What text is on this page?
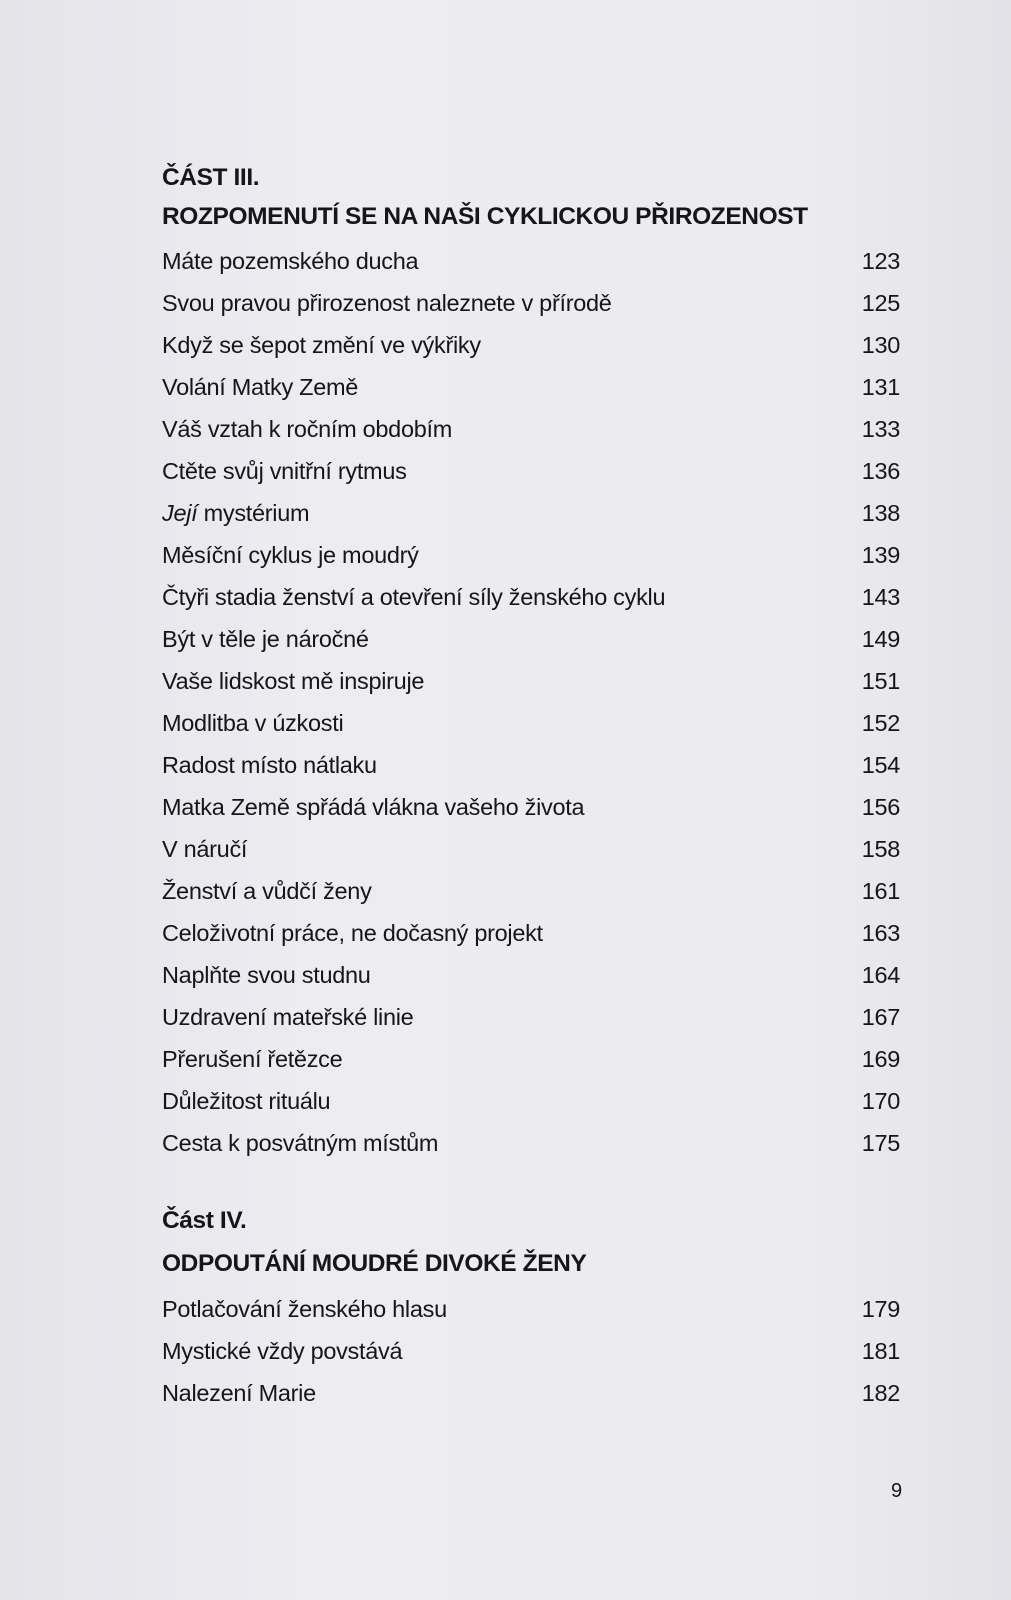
ČÁST III.
ROZPOMENUTÍ SE NA NAŠI CYKLICKOU PŘIROZENOST
Máte pozemského ducha	123
Svou pravou přirozenost naleznete v přírodě	125
Když se šepot změní ve výkřiky	130
Volání Matky Země	131
Váš vztah k ročním obdobím	133
Ctěte svůj vnitřní rytmus	136
Její mystérium	138
Měsíční cyklus je moudrý	139
Čtyři stadia ženství a otevření síly ženského cyklu	143
Být v těle je náročné	149
Vaše lidskost mě inspiruje	151
Modlitba v úzkosti	152
Radost místo nátlaku	154
Matka Země spřádá vlákna vašeho života	156
V náručí	158
Ženství a vůdčí ženy	161
Celoživotní práce, ne dočasný projekt	163
Naplňte svou studnu	164
Uzdravení mateřské linie	167
Přerušení řetězce	169
Důležitost rituálu	170
Cesta k posvátným místům	175
Část IV.
ODPOUTÁNÍ MOUDRÉ DIVOKÉ ŽENY
Potlačování ženského hlasu	179
Mystické vždy povstává	181
Nalezení Marie	182
9
